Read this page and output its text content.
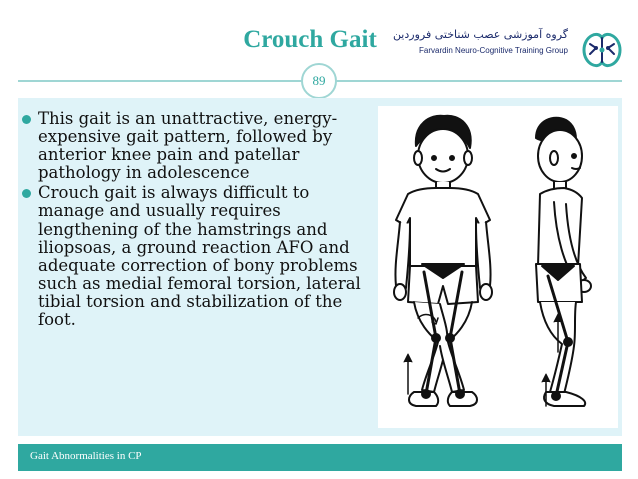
Crouch Gait	گروه آموزشی عصب شناختی فروردین
Farvardin Neuro-Cognitive Training Group
89
This gait is an unattractive, energy-expensive gait pattern, followed by anterior knee pain and patellar pathology in adolescence
Crouch gait is always difficult to manage and usually requires lengthening of the hamstrings and iliopsoas, a ground reaction AFO and adequate correction of bony problems such as medial femoral torsion, lateral tibial torsion and stabilization of the foot.
Gait Abnormalities in CP
